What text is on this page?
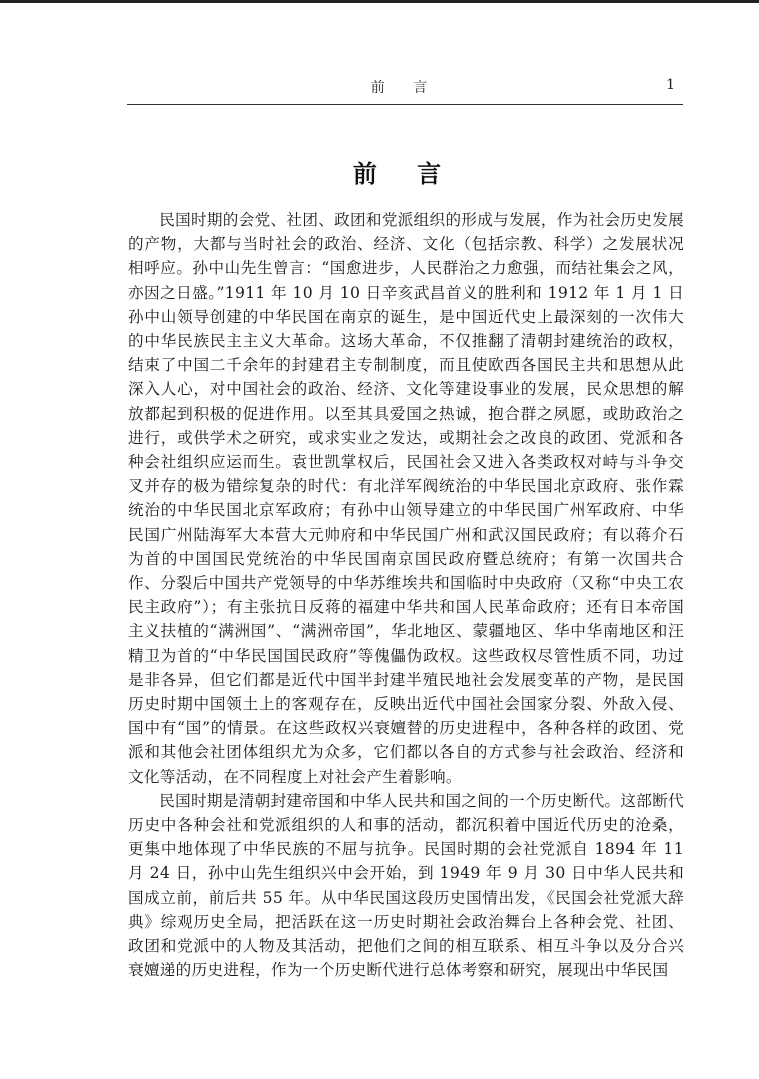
前 言	1
前 言

民国时期的会党、社团、政团和党派组织的形成与发展，作为社会历史发展的产物，大都与当时社会的政治、经济、文化（包括宗教、科学）之发展状况相呼应。孙中山先生曾言：“国愈进步，人民群治之力愈强，而结社集会之风，亦因之日盛。”1911 年 10 月 10 日辛亥武昌首义的胜利和 1912 年 1 月 1 日孙中山领导创建的中华民国在南京的诞生，是中国近代史上最深刻的一次伟大的中华民族民主主义大革命。这场大革命，不仅推翻了清朝封建统治的政权，结束了中国二千余年的封建君主专制制度，而且使欧西各国民主共和思想从此深入人心，对中国社会的政治、经济、文化等建设事业的发展，民众思想的解放都起到积极的促进作用。以至其具爱国之热诚，抱合群之夙愿，或助政治之进行，或供学术之研究，或求实业之发达，或期社会之改良的政团、党派和各种会社组织应运而生。袁世凯掌权后，民国社会又进入各类政权对峙与斗争交叉并存的极为错综复杂的时代：有北洋军阀统治的中华民国北京政府、张作霖统治的中华民国北京军政府；有孙中山领导建立的中华民国广州军政府、中华民国广州陆海军大本营大元帅府和中华民国广州和武汉国民政府；有以蒋介石为首的中国国民党统治的中华民国南京国民政府暨总统府；有第一次国共合作、分裂后中国共产党领导的中华苏维埃共和国临时中央政府（又称“中央工农民主政府”）；有主张抗日反蒋的福建中华共和国人民革命政府；还有日本帝国主义扶植的“满洲国”、“满洲帝国”，华北地区、蒙疆地区、华中华南地区和汪精卫为首的“中华民国国民政府”等傀儡伪政权。这些政权尽管性质不同，功过是非各异，但它们都是近代中国半封建半殖民地社会发展变革的产物，是民国历史时期中国领土上的客观存在，反映出近代中国社会国家分裂、外敌入侵、国中有“国”的情景。在这些政权兴衰嬗替的历史进程中，各种各样的政团、党派和其他会社团体组织尤为众多，它们都以各自的方式参与社会政治、经济和文化等活动，在不同程度上对社会产生着影响。

民国时期是清朝封建帝国和中华人民共和国之间的一个历史断代。这部断代历史中各种会社和党派组织的人和事的活动，都沉积着中国近代历史的沧桑，更集中地体现了中华民族的不屈与抗争。民国时期的会社党派自 1894 年 11 月 24 日，孙中山先生组织兴中会开始，到 1949 年 9 月 30 日中华人民共和国成立前，前后共 55 年。从中华民国这段历史国情出发，《民国会社党派大辞典》综观历史全局，把活跃在这一历史时期社会政治舞台上各种会党、社团、政团和党派中的人物及其活动，把他们之间的相互联系、相互斗争以及分合兴衰嬗递的历史进程，作为一个历史断代进行总体考察和研究，展现出中华民国
